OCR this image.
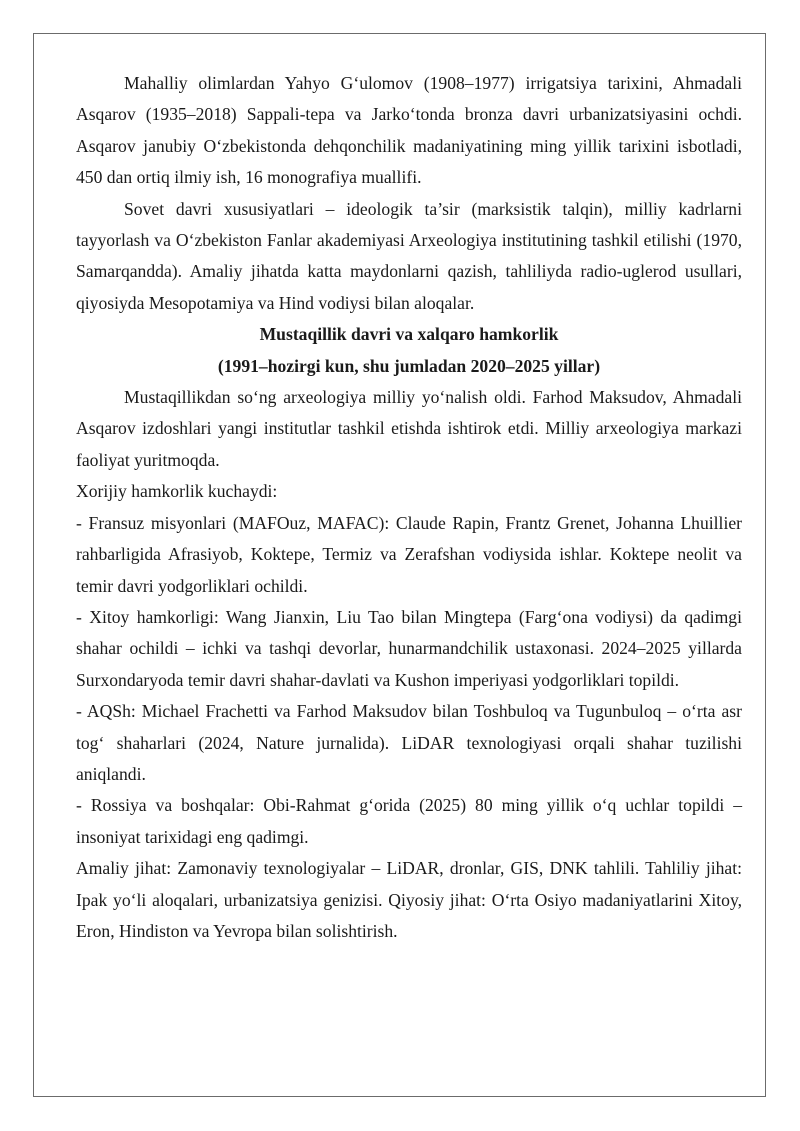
Mahalliy olimlardan Yahyo G‘ulomov (1908–1977) irrigatsiya tarixini, Ahmadali Asqarov (1935–2018) Sappali-tepa va Jarko‘tonda bronza davri urbanizatsiyasini ochdi. Asqarov janubiy O‘zbekistonda dehqonchilik madaniyatining ming yillik tarixini isbotladi, 450 dan ortiq ilmiy ish, 16 monografiya muallifi.

Sovet davri xususiyatlari – ideologik ta’sir (marksistik talqin), milliy kadrlarni tayyorlash va O‘zbekiston Fanlar akademiyasi Arxeologiya institutining tashkil etilishi (1970, Samarqandda). Amaliy jihatda katta maydonlarni qazish, tahliliyda radio-uglerod usullari, qiyosiyda Mesopotamiya va Hind vodiysi bilan aloqalar.

Mustaqillik davri va xalqaro hamkorlik

(1991–hozirgi kun, shu jumladan 2020–2025 yillar)

Mustaqillikdan so‘ng arxeologiya milliy yo‘nalish oldi. Farhod Maksudov, Ahmadali Asqarov izdoshlari yangi institutlar tashkil etishda ishtirok etdi. Milliy arxeologiya markazi faoliyat yuritmoqda.

Xorijiy hamkorlik kuchaydi:

- Fransuz misyonlari (MAFOuz, MAFAC): Claude Rapin, Frantz Grenet, Johanna Lhuillier rahbarligida Afrasiyob, Koktepe, Termiz va Zerafshan vodiysida ishlar. Koktepe neolit va temir davri yodgorliklari ochildi.

- Xitoy hamkorligi: Wang Jianxin, Liu Tao bilan Mingtepa (Farg‘ona vodiysi) da qadimgi shahar ochildi – ichki va tashqi devorlar, hunarmandchilik ustaxonasi. 2024–2025 yillarda Surxondaryoda temir davri shahar-davlati va Kushon imperiyasi yodgorliklari topildi.

- AQSh: Michael Frachetti va Farhod Maksudov bilan Toshbuloq va Tugunbuloq – o‘rta asr tog‘ shaharlari (2024, Nature jurnalida). LiDAR texnologiyasi orqali shahar tuzilishi aniqlandi.

- Rossiya va boshqalar: Obi-Rahmat g‘orida (2025) 80 ming yillik o‘q uchlar topildi – insoniyat tarixidagi eng qadimgi.

Amaliy jihat: Zamonaviy texnologiyalar – LiDAR, dronlar, GIS, DNK tahlili. Tahliliy jihat: Ipak yo‘li aloqalari, urbanizatsiya genizisi. Qiyosiy jihat: O‘rta Osiyo madaniyatlarini Xitoy, Eron, Hindiston va Yevropa bilan solishtirish.
